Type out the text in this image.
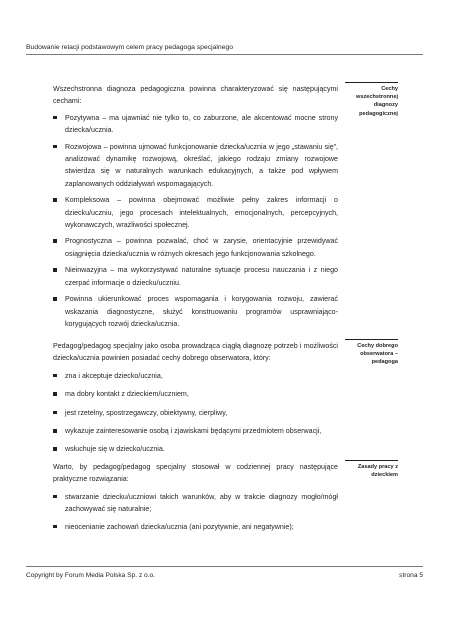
Budowanie relacji podstawowym celem pracy pedagoga specjalnego

Wszechstronna diagnoza pedagogiczna powinna charakteryzować się następującymi cechami:

Pozytywna – ma ujawniać nie tylko to, co zaburzone, ale akcentować mocne strony dziecka/ucznia.
Rozwojowa – powinna ujmować funkcjonowanie dziecka/ucznia w jego „stawaniu się”, analizować dynamikę rozwojową, określać, jakiego rodzaju zmiany rozwojowe stwierdza się w naturalnych warunkach edukacyjnych, a także pod wpływem zaplanowanych oddziaływań wspomagających.
Kompleksowa – powinna obejmować możliwie pełny zakres informacji o dziecku/uczniu, jego procesach intelektualnych, emocjonalnych, percepcyjnych, wykonawczych, wrażliwości społecznej.
Prognostyczna – powinna pozwalać, choć w zarysie, orientacyjnie przewidywać osiągnięcia dziecka/ucznia w różnych okresach jego funkcjonowania szkolnego.
Nieinwazyjna – ma wykorzystywać naturalne sytuacje procesu nauczania i z niego czerpać informacje o dziecku/uczniu.
Powinna ukierunkować proces wspomagania i korygowania rozwoju, zawierać wskazania diagnostyczne, służyć konstruowaniu programów usprawniająco-korygujących rozwój dziecka/ucznia.

Pedagog/pedagog specjalny jako osoba prowadząca ciągłą diagnozę potrzeb i możliwości dziecka/ucznia powinien posiadać cechy dobrego obserwatora, który:

zna i akceptuje dziecko/ucznia,
ma dobry kontakt z dzieckiem/uczniem,
jest rzetelny, spostrzegawczy, obiektywny, cierpliwy,
wykazuje zainteresowanie osobą i zjawiskami będącymi przedmiotem obserwacji,
wsłuchuje się w dziecko/ucznia.

Warto, by pedagog/pedagog specjalny stosował w codziennej pracy następujące praktyczne rozwiązania:

stwarzanie dziecku/uczniowi takich warunków, aby w trakcie diagnozy mogło/mógł zachowywać się naturalnie;
nieocenianie zachowań dziecka/ucznia (ani pozytywnie, ani negatywnie);
Cechy wszechstronnej diagnozy pedagogicznej
Cechy dobrego obserwatora – pedagoga
Zasady pracy z dzieckiem
Copyright by Forum Media Polska Sp. z o.o.	strona 5
